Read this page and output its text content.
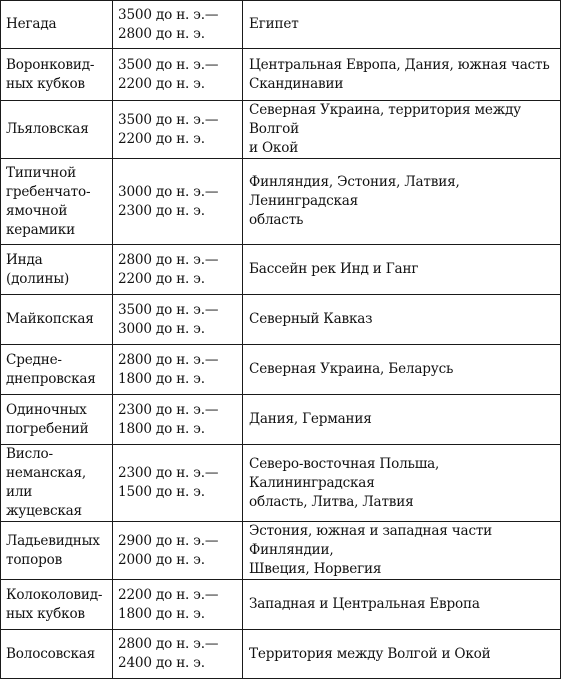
Негада	3500 до н. э.—
2800 до н. э.	Египет
Воронковид-
ных кубков	3500 до н. э.—
2200 до н. э.	Центральная Европа, Дания, южная часть
Скандинавии
Льяловская	3500 до н. э.—
2200 до н. э.	Северная Украина, территория между Волгой
и Окой
Типичной
гребенчато-
ямочной
керамики	3000 до н. э.—
2300 до н. э.	Финляндия, Эстония, Латвия, Ленинградская
область
Инда (долины)	2800 до н. э.—
2200 до н. э.	Бассейн рек Инд и Ганг
Майкопская	3500 до н. э.—
3000 до н. э.	Северный Кавказ
Средне-
днепровская	2800 до н. э.—
1800 до н. э.	Северная Украина, Беларусь
Одиночных
погребений	2300 до н. э.—
1800 до н. э.	Дания, Германия
Висло-
неманская, или
жуцевская	2300 до н. э.—
1500 до н. э.	Северо-восточная Польша, Калининградская
область, Литва, Латвия
Ладьевидных
топоров	2900 до н. э.—
2000 до н. э.	Эстония, южная и западная части Финляндии,
Швеция, Норвегия
Колоколовид-
ных кубков	2200 до н. э.—
1800 до н. э.	Западная и Центральная Европа
Волосовская	2800 до н. э.—
2400 до н. э.	Территория между Волгой и Окой
